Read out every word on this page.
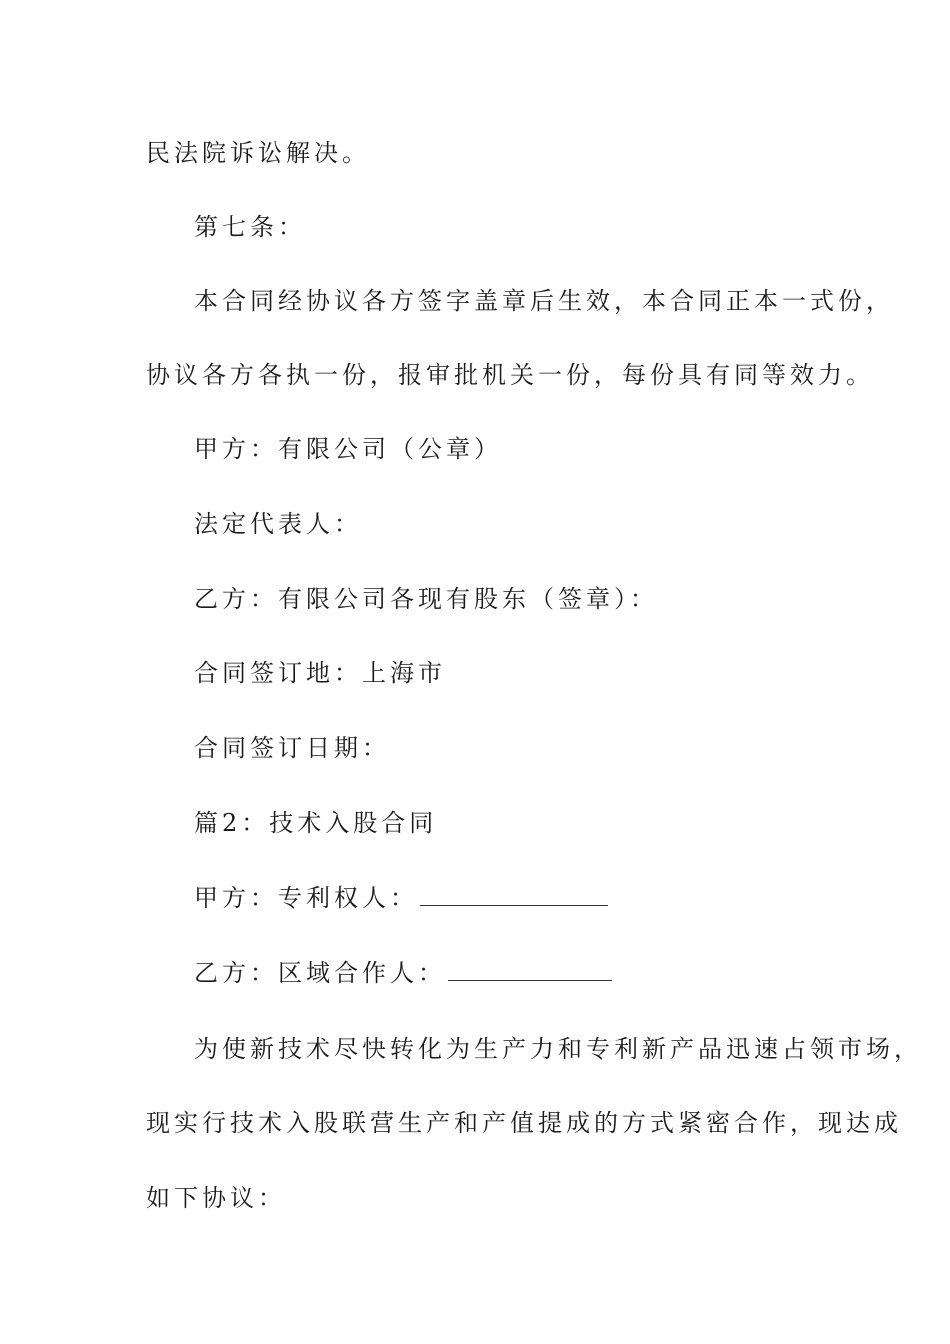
民法院诉讼解决。
第七条：
本合同经协议各方签字盖章后生效，本合同正本一式份，
协议各方各执一份，报审批机关一份，每份具有同等效力。
甲方：有限公司（公章）
法定代表人：
乙方：有限公司各现有股东（签章）：
合同签订地：上海市
合同签订日期：
篇2：技术入股合同
甲方：专利权人：
乙方：区域合作人：
为使新技术尽快转化为生产力和专利新产品迅速占领市场，
现实行技术入股联营生产和产值提成的方式紧密合作，现达成
如下协议：
